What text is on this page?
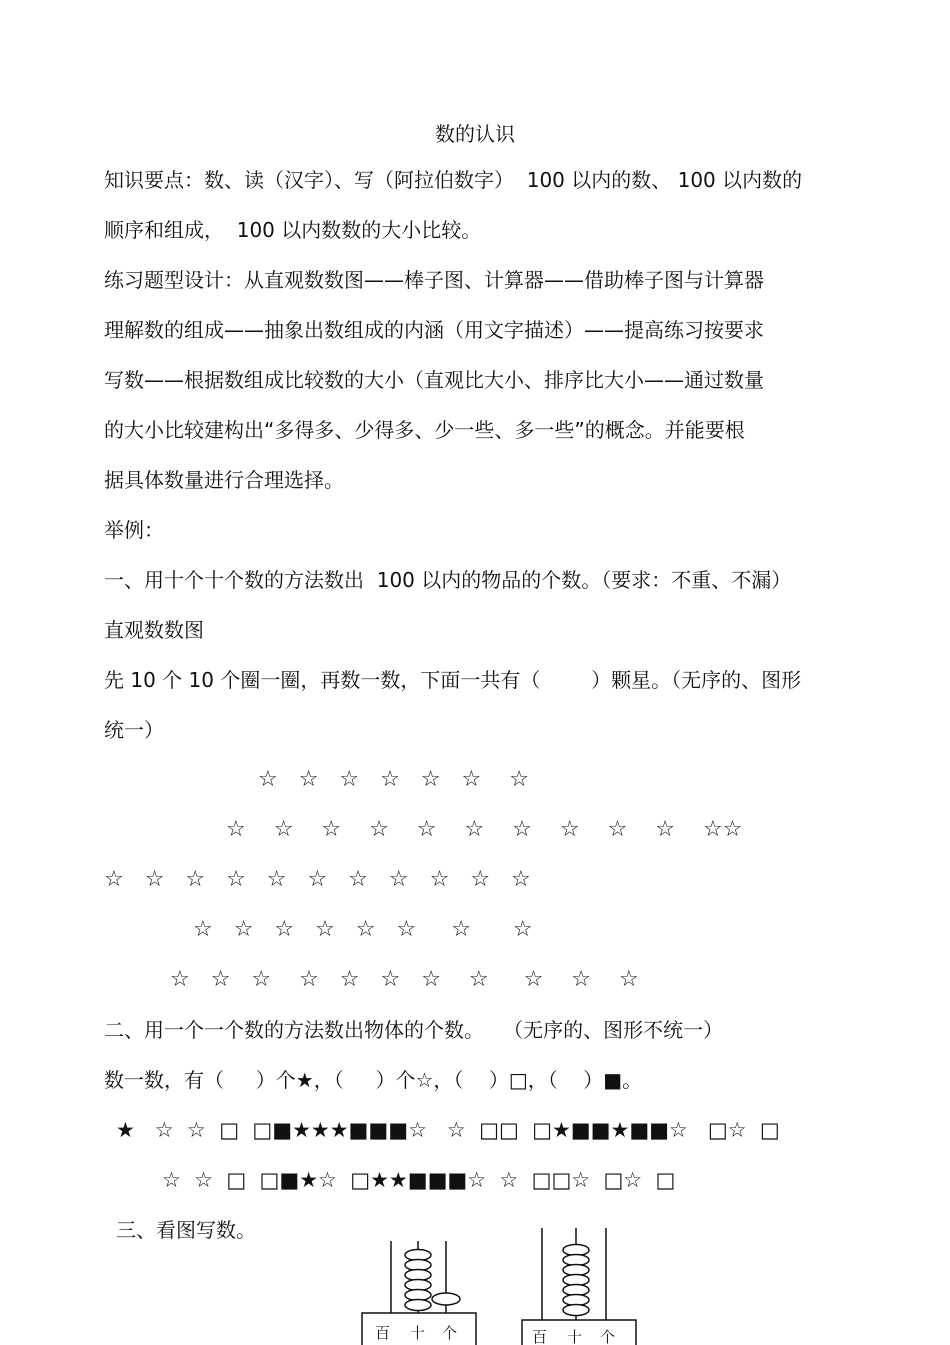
数的认识
知识要点：数、读（汉字）、写（阿拉伯数字）  100 以内的数、 100 以内数的
顺序和组成，  100 以内数数的大小比较。
练习题型设计：从直观数数图——棒子图、计算器——借助棒子图与计算器
理解数的组成——抽象出数组成的内涵（用文字描述）——提高练习按要求
写数——根据数组成比较数的大小（直观比大小、排序比大小——通过数量
的大小比较建构出“多得多、少得多、少一些、多一些”的概念。并能要根
据具体数量进行合理选择。
举例：
一、用十个十个数的方法数出  100 以内的物品的个数。（要求：不重、不漏）
直观数数图
先 10 个 10 个圈一圈，再数一数，下面一共有（        ）颗星。（无序的、图形
统一）
☆   ☆   ☆   ☆   ☆   ☆    ☆
☆    ☆    ☆    ☆    ☆    ☆    ☆    ☆    ☆    ☆    ☆☆
☆   ☆   ☆   ☆   ☆   ☆   ☆   ☆   ☆   ☆   ☆
☆   ☆   ☆   ☆   ☆   ☆     ☆      ☆
☆   ☆   ☆    ☆   ☆   ☆   ☆    ☆     ☆    ☆    ☆
二、用一个一个数的方法数出物体的个数。   （无序的、图形不统一）
数一数，有（     ）个★，（     ）个☆，（    ）□，（    ）■。
★   ☆  ☆  □  □■★★★■■■☆   ☆  □□  □★■■★■■☆   □☆  □
☆  ☆  □  □■★☆  □★★■■■☆  ☆  □□☆  □☆  □
三、看图写数。
百 十 个	百 十 个
